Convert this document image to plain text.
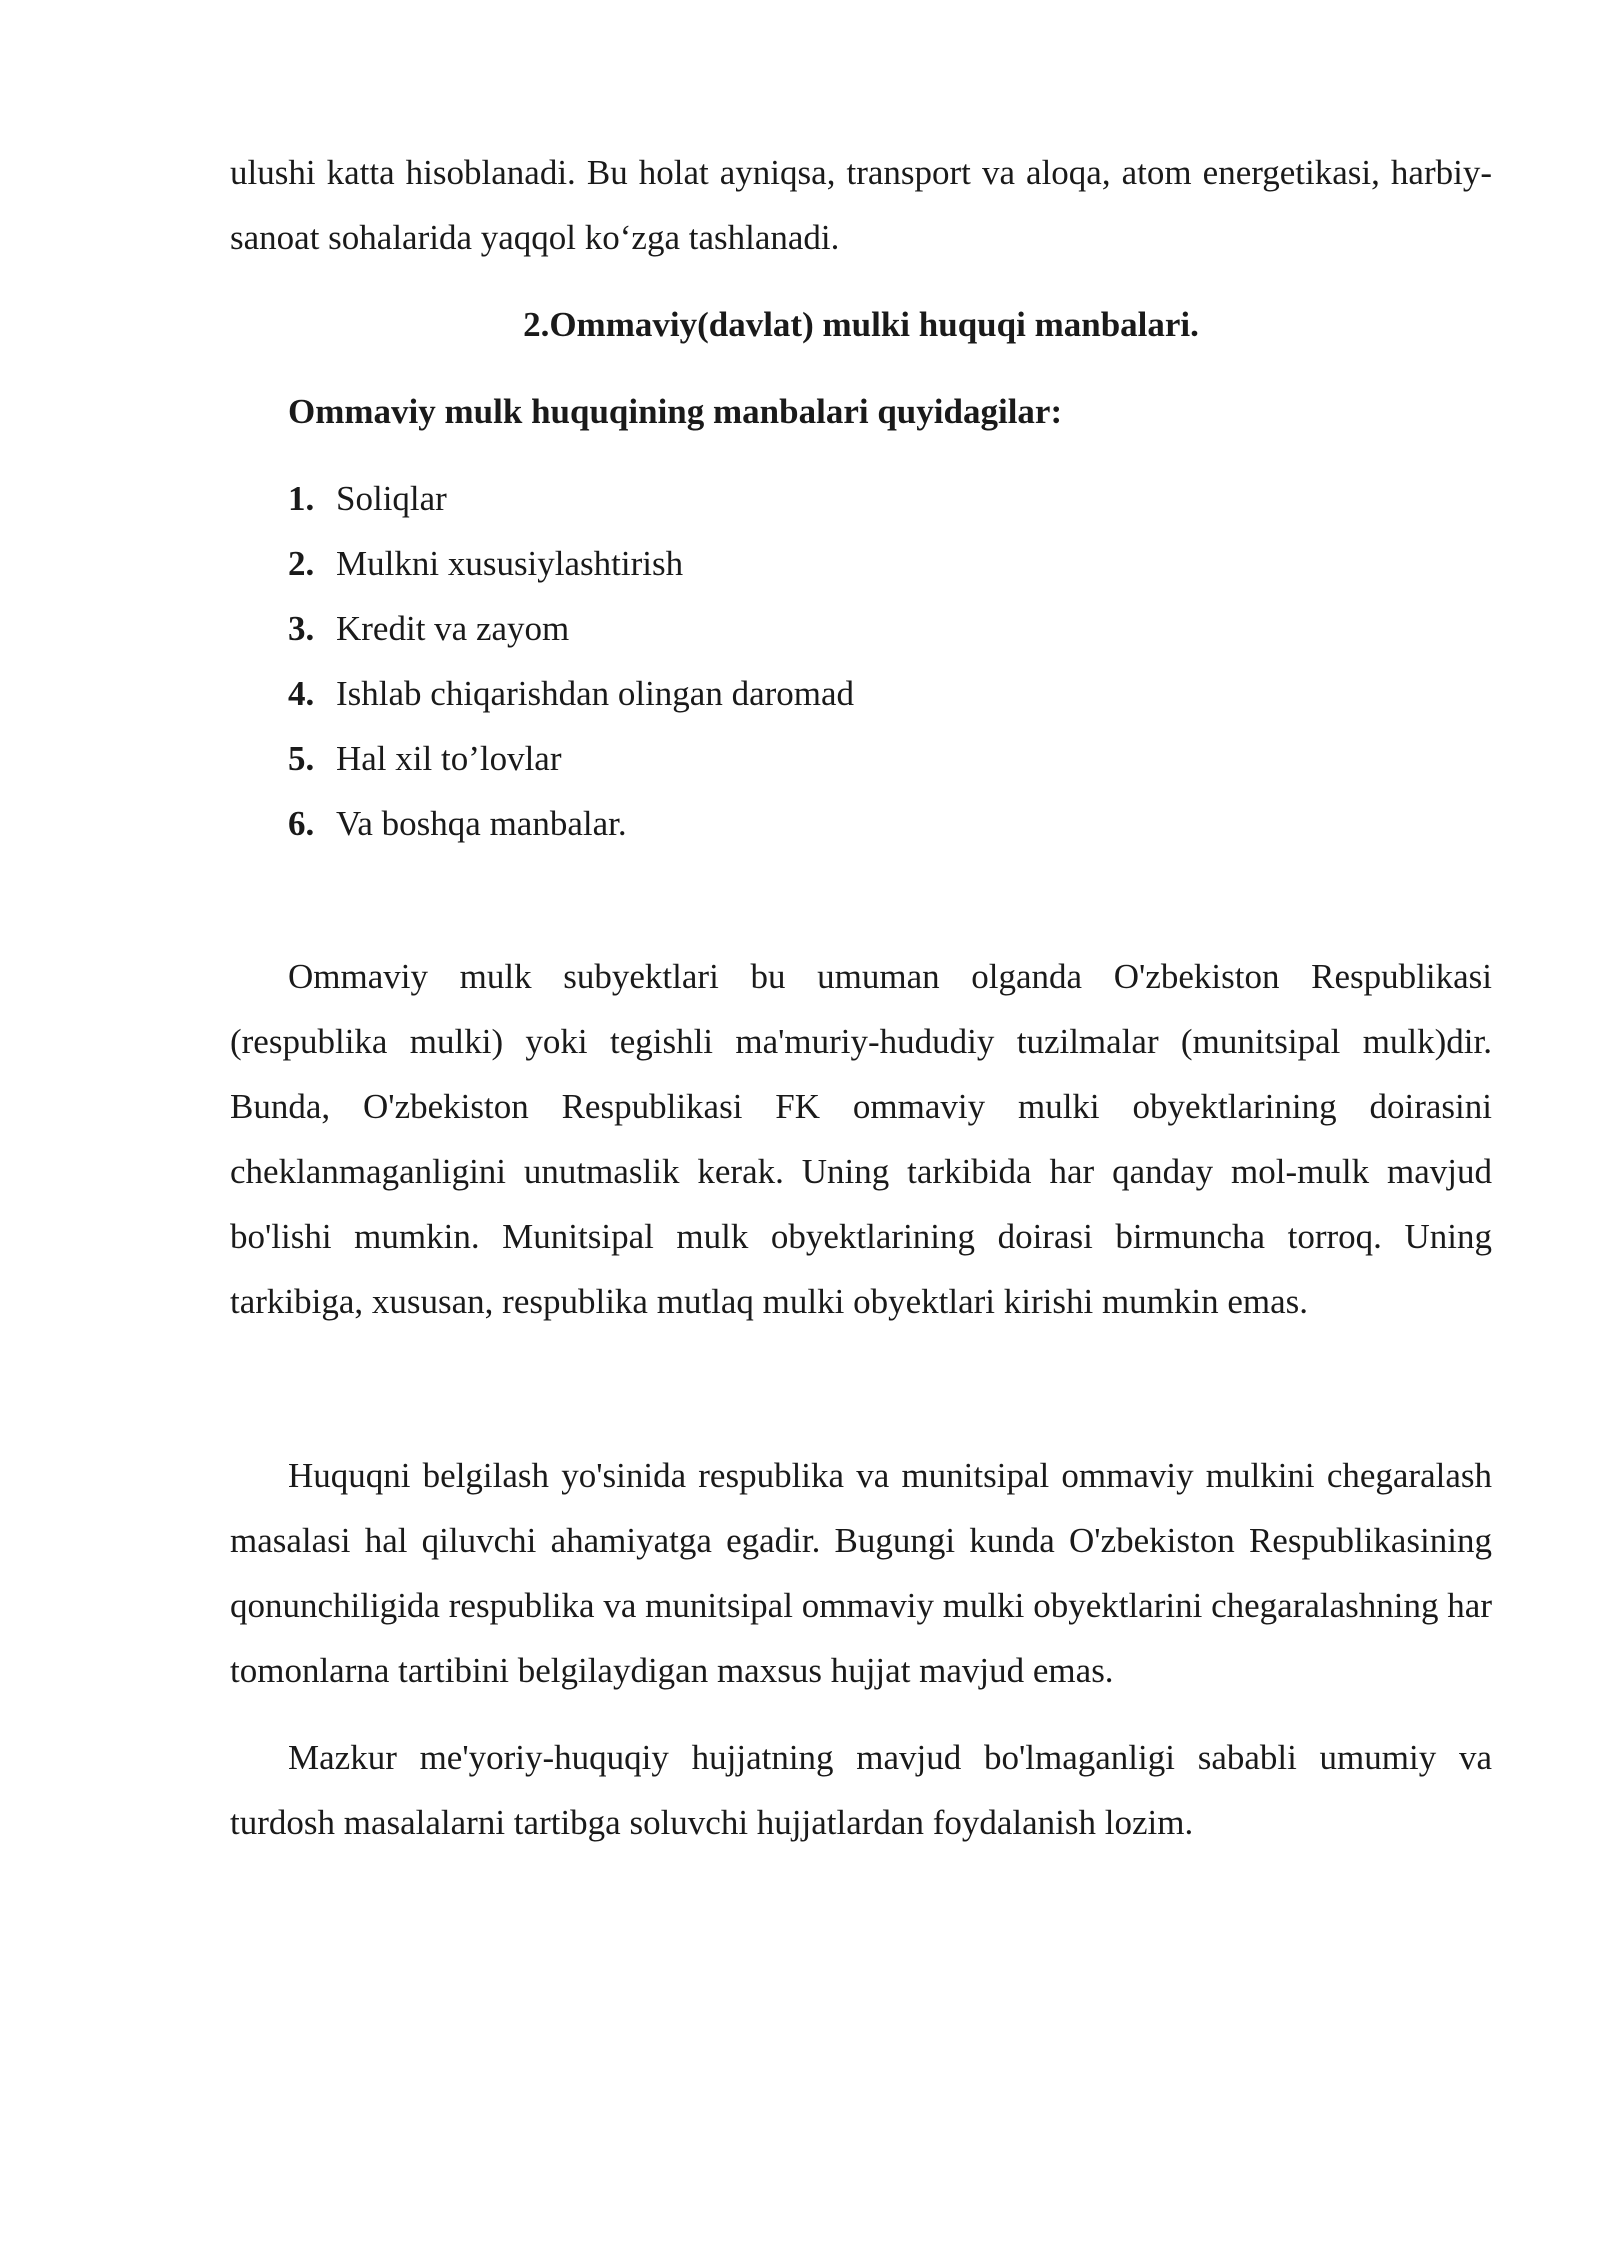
ulushi katta hisoblanadi. Bu holat ayniqsa, transport va aloqa, atom energetikasi, harbiy-sanoat sohalarida yaqqol ko‘zga tashlanadi.

2.Ommaviy(davlat) mulki huquqi manbalari.

Ommaviy mulk huquqining manbalari quyidagilar:

1. Soliqlar
2. Mulkni xususiylashtirish
3. Kredit va zayom
4. Ishlab chiqarishdan olingan daromad
5. Hal xil to’lovlar
6. Va boshqa manbalar.

Ommaviy mulk subyektlari bu umuman olganda O'zbekiston Respublikasi (respublika mulki) yoki tegishli ma'muriy-hududiy tuzilmalar (munitsipal mulk)dir. Bunda, O'zbekiston Respublikasi FK ommaviy mulki obyektlarining doirasini cheklanmaganligini unutmaslik kerak. Uning tarkibida har qanday mol-mulk mavjud bo'lishi mumkin. Munitsipal mulk obyektlarining doirasi birmuncha torroq. Uning tarkibiga, xususan, respublika mutlaq mulki obyektlari kirishi mumkin emas.

Huquqni belgilash yo'sinida respublika va munitsipal ommaviy mulkini chegaralash masalasi hal qiluvchi ahamiyatga egadir. Bugungi kunda O'zbekiston Respublikasining qonunchiligida respublika va munitsipal ommaviy mulki obyektlarini chegaralashning har tomonlarna tartibini belgilaydigan maxsus hujjat mavjud emas.

Mazkur me'yoriy-huquqiy hujjatning mavjud bo'lmaganligi sababli umumiy va turdosh masalalarni tartibga soluvchi hujjatlardan foydalanish lozim.
